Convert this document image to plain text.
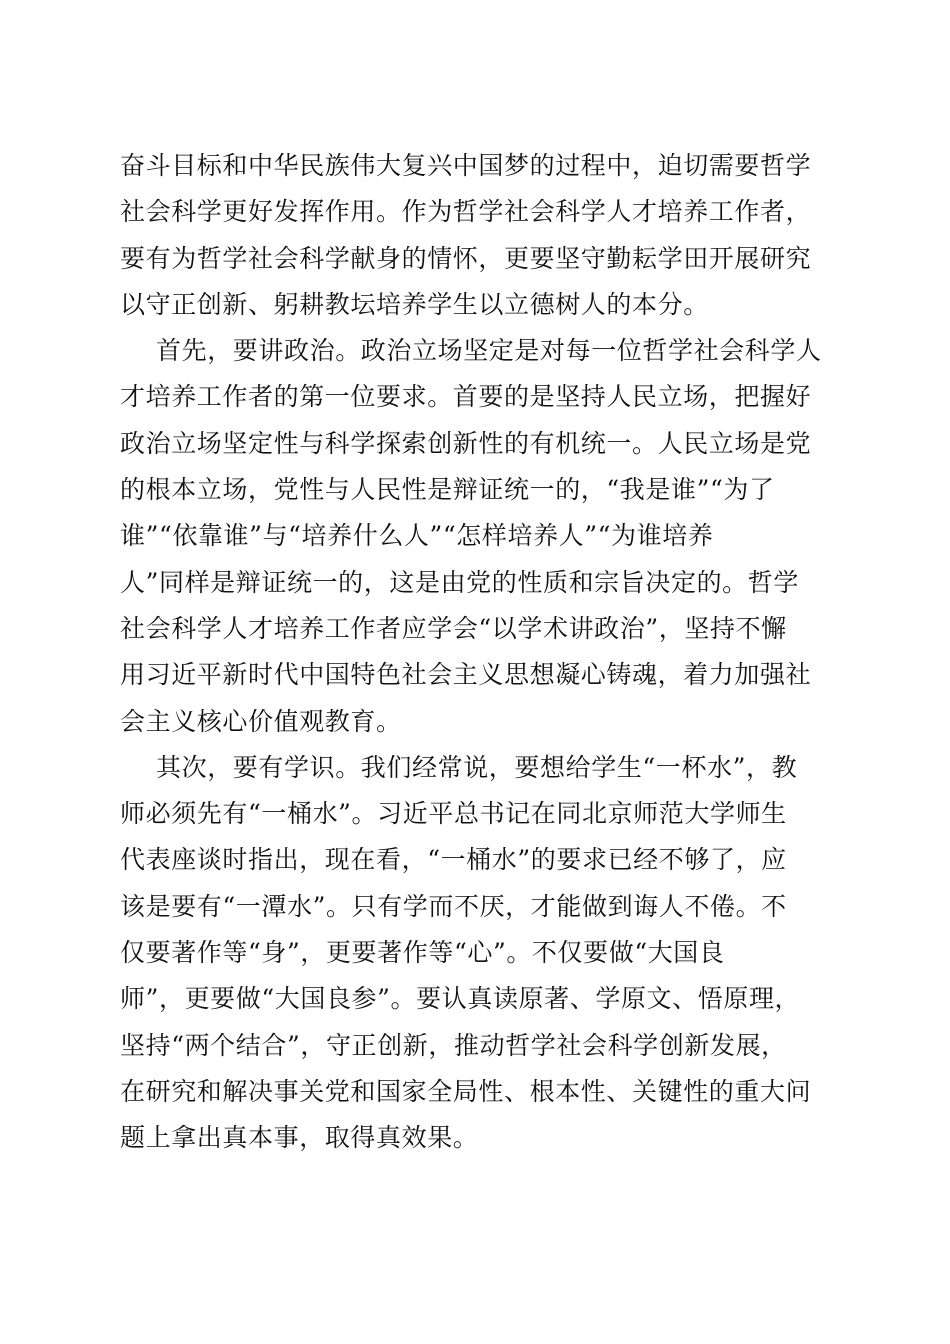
奋斗目标和中华民族伟大复兴中国梦的过程中，迫切需要哲学
社会科学更好发挥作用。作为哲学社会科学人才培养工作者，
要有为哲学社会科学献身的情怀，更要坚守勤耘学田开展研究
以守正创新、躬耕教坛培养学生以立德树人的本分。
首先，要讲政治。政治立场坚定是对每一位哲学社会科学人
才培养工作者的第一位要求。首要的是坚持人民立场，把握好
政治立场坚定性与科学探索创新性的有机统一。人民立场是党
的根本立场，党性与人民性是辩证统一的，“我是谁”“为了
谁”“依靠谁”与“培养什么人”“怎样培养人”“为谁培养
人”同样是辩证统一的，这是由党的性质和宗旨决定的。哲学
社会科学人才培养工作者应学会“以学术讲政治”，坚持不懈
用习近平新时代中国特色社会主义思想凝心铸魂，着力加强社
会主义核心价值观教育。
其次，要有学识。我们经常说，要想给学生“一杯水”，教
师必须先有“一桶水”。习近平总书记在同北京师范大学师生
代表座谈时指出，现在看，“一桶水”的要求已经不够了，应
该是要有“一潭水”。只有学而不厌，才能做到诲人不倦。不
仅要著作等“身”，更要著作等“心”。不仅要做“大国良
师”，更要做“大国良参”。要认真读原著、学原文、悟原理，
坚持“两个结合”，守正创新，推动哲学社会科学创新发展，
在研究和解决事关党和国家全局性、根本性、关键性的重大问
题上拿出真本事，取得真效果。
